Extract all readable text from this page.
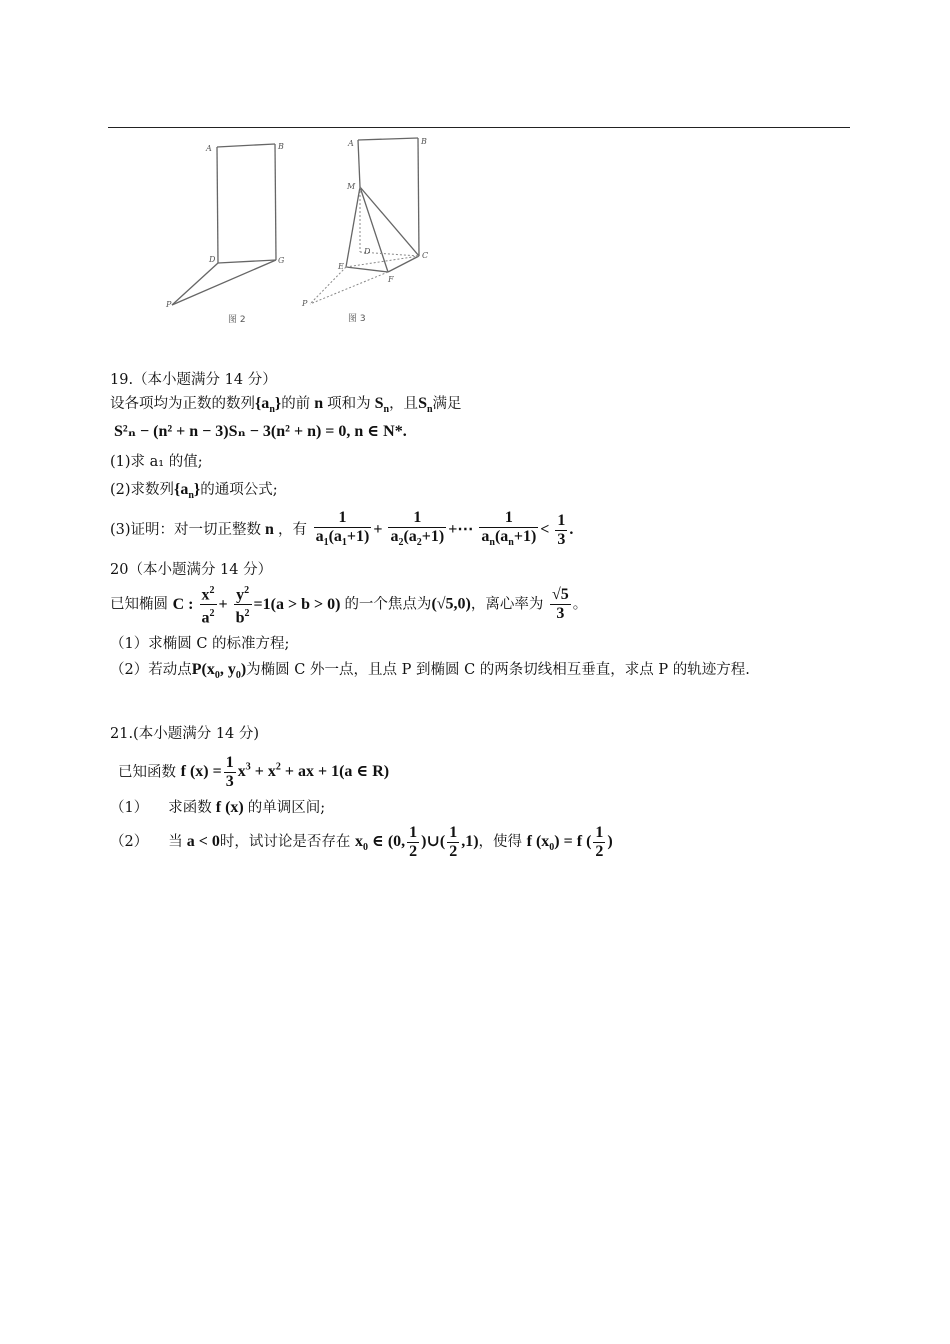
A	B
D	G
P
图 2
A	B
M
D
E
C
F
P
图 3
19.（本小题满分 14 分）
设各项均为正数的数列$\{a_n\}$的前 n 项和为 $S_n$，且$S_n$满足
S²ₙ − (n² + n − 3)Sₙ − 3(n² + n) = 0, n ∈ N*.
(1)求 a₁ 的值;
(2)求数列$\{a_n\}$的通项公式;
(3)证明：对一切正整数 n ，有 $\frac{1}{a_1(a_1+1)} + \frac{1}{a_2(a_2+1)}$ +⋯ $\frac{1}{a_n(a_n+1)} < \frac{1}{3}$ .
20（本小题满分 14 分）
已知椭圆 C : $\frac{x^2}{a^2} + \frac{y^2}{b^2} =1(a > b > 0)$ 的一个焦点为(√5,0)，离心率为 $\frac{√5}{3}$ 。
（1）求椭圆 C 的标准方程;
（2）若动点$P(x_0$, $y_0$)为椭圆 C 外一点，且点 P 到椭圆 C 的两条切线相互垂直，求点 P 的轨迹方程.
21.(本小题满分 14 分)
已知函数 f $(x) = \frac{1}{3} x^3 + x^2$ + ax + 1(a ∈ R)
（1） 求函数 f (x) 的单调区间;
（2） 当 a < 0时，试讨论是否存在 $x_0$ ∈ (0, $\frac{1}{2}$ )∪( $\frac{1}{2} ,1$)，使得 f $(x_0) = f$ ( $\frac{1}{2}$ )
